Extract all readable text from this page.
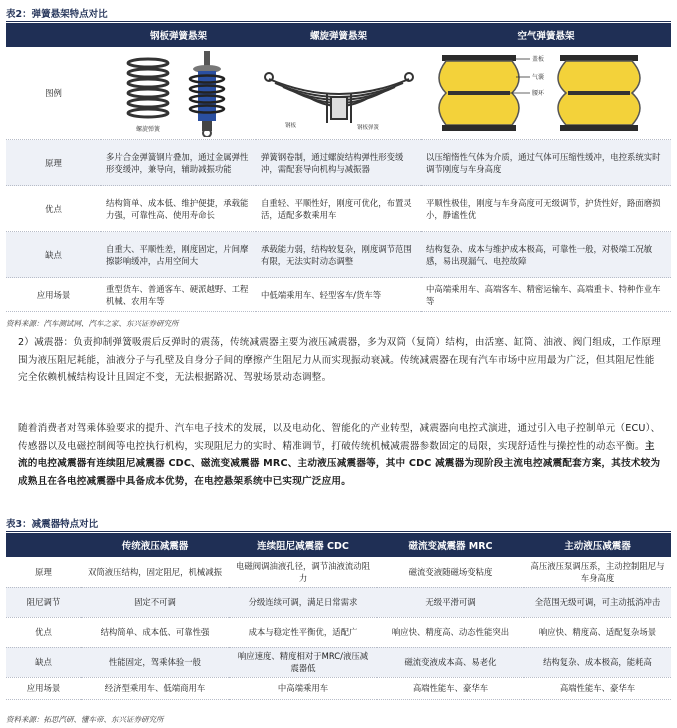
表2：弹簧悬架特点对比
	钢板弹簧悬架	螺旋弹簧悬架	空气弹簧悬架
图例	螺旋弹簧	钢板 钢板弹簧	盖板
气囊
腰环

原理	多片合金弹簧钢片叠加，通过金属弹性形变缓冲，兼导向，辅助减振功能	弹簧钢卷制，通过螺旋结构弹性形变缓冲，需配套导向机构与减振器	以压缩惰性气体为介质，通过气体可压缩性缓冲，电控系统实时调节刚度与车身高度
优点	结构简单、成本低、维护便捷，承载能力强，可靠性高、使用寿命长	自重轻、平顺性好，刚度可优化，布置灵活，适配多数乘用车	平顺性极佳，刚度与车身高度可无级调节，护货性好，路面磨损小，静谧性优
缺点	自重大、平顺性差，刚度固定，片间摩擦影响缓冲，占用空间大	承载能力弱，结构较复杂，刚度调节范围有限，无法实时动态调整	结构复杂、成本与维护成本极高，可靠性一般，对极端工况敏感，易出现漏气、电控故障
应用场景	重型货车、普通客车、硬派越野、工程机械、农用车等	中低端乘用车、轻型客车/货车等	中高端乘用车、高端客车、精密运输车、高端重卡、特种作业车等
资料来源：汽车测试网、汽车之家、东兴证券研究所
2）减震器：负责抑制弹簧吸震后反弹时的震荡，传统减震器主要为液压减震器，多为双筒（复筒）结构，由活塞、缸筒、油液、阀门组成，工作原理围为液压阻尼耗能，油液分子与孔壁及自身分子间的摩擦产生阻尼力从而实现振动衰减。传统减震器在现有汽车市场中应用最为广泛，但其阻尼性能完全依赖机械结构设计且固定不变，无法根据路况、驾驶场景动态调整。
随着消费者对驾乘体验要求的提升、汽车电子技术的发展，以及电动化、智能化的产业转型，减震器向电控式演进，通过引入电子控制单元（ECU）、传感器以及电磁控制阀等电控执行机构，实现阻尼力的实时、精准调节，打破传统机械减震器参数固定的局限，实现舒适性与操控性的动态平衡。主流的电控减震器有连续阻尼减震器 CDC、磁流变减震器 MRC、主动液压减震器等，其中 CDC 减震器为现阶段主流电控减震配套方案，其技术较为成熟且在各电控减震器中具备成本优势，在电控悬架系统中已实现广泛应用。
表3：减震器特点对比
	传统液压减震器	连续阻尼减震器 CDC	磁流变减震器 MRC	主动液压减震器
原理	双筒液压结构，固定阻尼，机械减振	电磁阀调油液孔径，调节油液流动阻力	磁流变液随磁场变粘度	高压液压泵调压系，主动控制阻尼与车身高度
阻尼调节	固定不可调	分级连续可调，满足日常需求	无级平滑可调	全范围无级可调，可主动抵消冲击
优点	结构简单、成本低、可靠性强	成本与稳定性平衡优，适配广	响应快、精度高、动态性能突出	响应快、精度高、适配复杂场景
缺点	性能固定，驾乘体验一般	响应速度、精度相对于MRC/液压减震器低	磁流变液成本高、易老化	结构复杂、成本极高，能耗高
应用场景	经济型乘用车、低端商用车	中高端乘用车	高端性能车、豪华车	高端性能车、豪华车
资料来源：拓思汽研、懂车帝、东兴证券研究所
